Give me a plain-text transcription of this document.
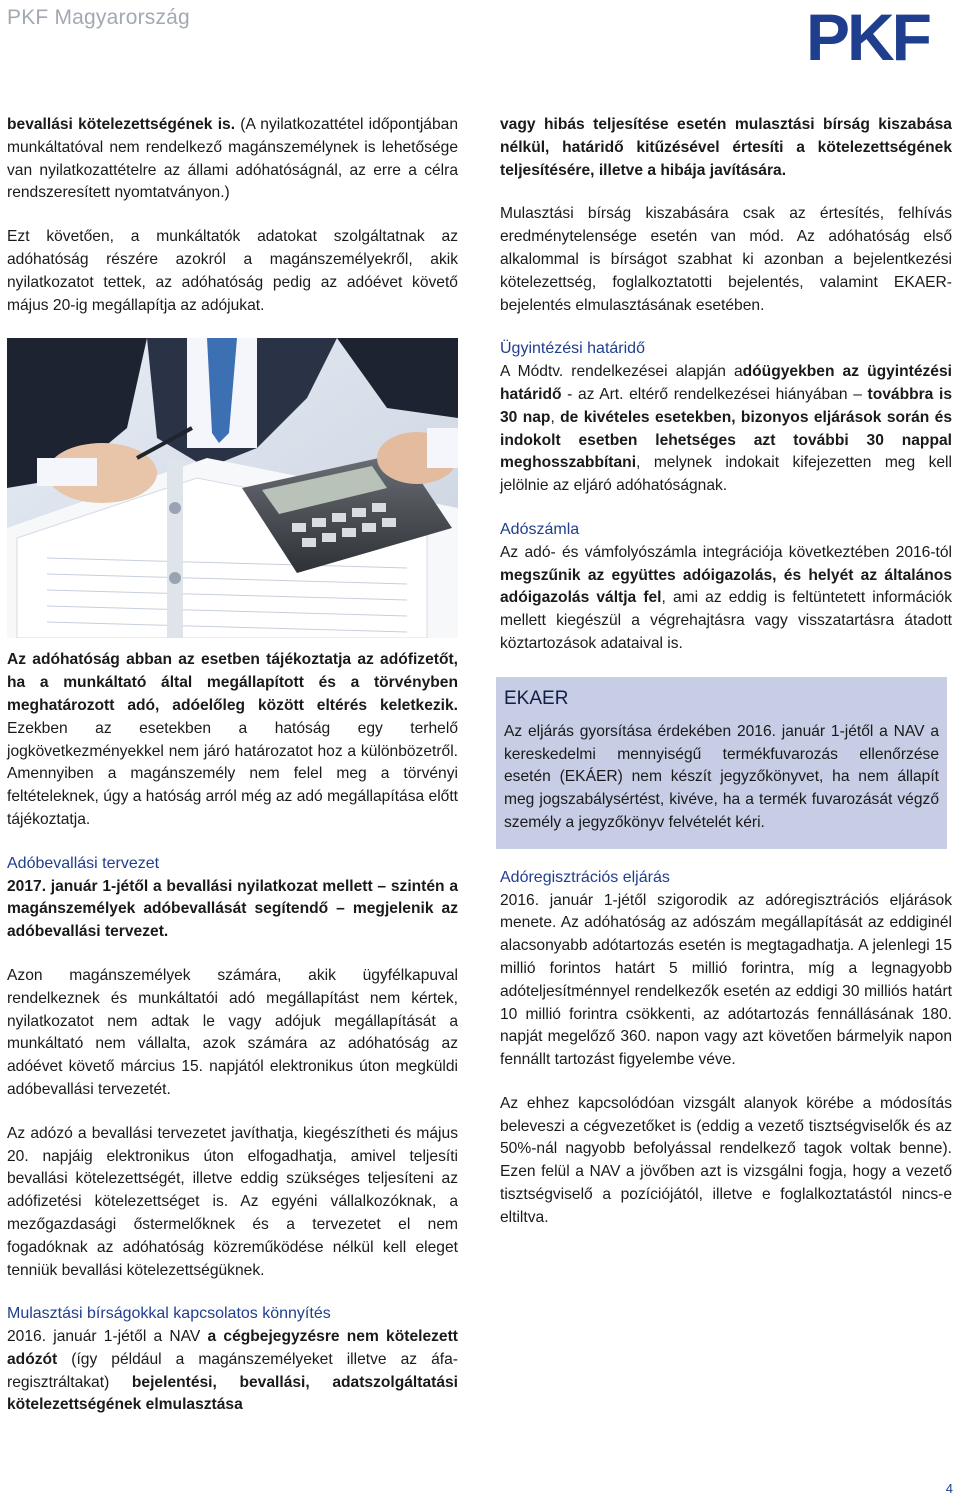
PKF Magyarország	PKF

bevallási kötelezettségének is. (A nyilatkozattétel időpontjában munkáltatóval nem rendelkező magánszemélynek is lehetősége van nyilatkozattételre az állami adóhatóságnál, az erre a célra rendszeresített nyomtatványon.)

Ezt követően, a munkáltatók adatokat szolgáltatnak az adóhatóság részére azokról a magánszemélyekről, akik nyilatkozatot tettek, az adóhatóság pedig az adóévet követő május 20-ig megállapítja az adójukat.

Az adóhatóság abban az esetben tájékoztatja az adófizetőt, ha a munkáltató által megállapított és a törvényben meghatározott adó, adóelőleg között eltérés keletkezik. Ezekben az esetekben a hatóság egy terhelő jogkövetkezményekkel nem járó határozatot hoz a különbözetről. Amennyiben a magánszemély nem felel meg a törvényi feltételeknek, úgy a hatóság arról még az adó megállapítása előtt tájékoztatja.

Adóbevallási tervezet

2017. január 1-jétől a bevallási nyilatkozat mellett – szintén a magánszemélyek adóbevallását segítendő – megjelenik az adóbevallási tervezet.

Azon magánszemélyek számára, akik ügyfélkapuval rendelkeznek és munkáltatói adó megállapítást nem kértek, nyilatkozatot nem adtak le vagy adójuk megállapítását a munkáltató nem vállalta, azok számára az adóhatóság az adóévet követő március 15. napjától elektronikus úton megküldi adóbevallási tervezetét.

Az adózó a bevallási tervezetet javíthatja, kiegészítheti és május 20. napjáig elektronikus úton elfogadhatja, amivel teljesíti bevallási kötelezettségét, illetve eddig szükséges teljesíteni az adófizetési kötelezettséget is. Az egyéni vállalkozóknak, a mezőgazdasági őstermelőknek és a tervezetet el nem fogadóknak az adóhatóság közreműködése nélkül kell eleget tenniük bevallási kötelezettségüknek.

Mulasztási bírságokkal kapcsolatos könnyítés

2016. január 1-jétől a NAV a cégbejegyzésre nem kötelezett adózót (így például a magánszemélyeket illetve az áfa-regisztráltakat) bejelentési, bevallási, adatszolgáltatási kötelezettségének elmulasztása

vagy hibás teljesítése esetén mulasztási bírság kiszabása nélkül, határidő kitűzésével értesíti a kötelezettségének teljesítésére, illetve a hibája javítására.

Mulasztási bírság kiszabására csak az értesítés, felhívás eredménytelensége esetén van mód. Az adóhatóság első alkalommal is bírságot szabhat ki azonban a bejelentkezési kötelezettség, foglalkoztatotti bejelentés, valamint EKAER-bejelentés elmulasztásának esetében.

Ügyintézési határidő

A Módtv. rendelkezései alapján adóügyekben az ügyintézési határidő - az Art. eltérő rendelkezései hiányában – továbbra is 30 nap, de kivételes esetekben, bizonyos eljárások során és indokolt esetben lehetséges azt további 30 nappal meghosszabbítani, melynek indokait kifejezetten meg kell jelölnie az eljáró adóhatóságnak.

Adószámla

Az adó- és vámfolyószámla integrációja következtében 2016-tól megszűnik az együttes adóigazolás, és helyét az általános adóigazolás váltja fel, ami az eddig is feltüntetett információk mellett kiegészül a végrehajtásra vagy visszatartásra átadott köztartozások adataival is.

EKAER

Az eljárás gyorsítása érdekében 2016. január 1-jétől a NAV a kereskedelmi mennyiségű termékfuvarozás ellenőrzése esetén (EKÁER) nem készít jegyzőkönyvet, ha nem állapít meg jogszabálysértést, kivéve, ha a termék fuvarozását végző személy a jegyzőkönyv felvételét kéri.

Adóregisztrációs eljárás

2016. január 1-jétől szigorodik az adóregisztrációs eljárások menete. Az adóhatóság az adószám megállapítását az eddiginél alacsonyabb adótartozás esetén is megtagadhatja. A jelenlegi 15 millió forintos határt 5 millió forintra, míg a legnagyobb adóteljesítménnyel rendelkezők esetén az eddigi 30 milliós határt 10 millió forintra csökkenti, az adótartozás fennállásának 180. napját megelőző 360. napon vagy azt követően bármelyik napon fennállt tartozást figyelembe véve.

Az ehhez kapcsolódóan vizsgált alanyok körébe a módosítás beleveszi a cégvezetőket is (eddig a vezető tisztségviselők és az 50%-nál nagyobb befolyással rendelkező tagok voltak benne). Ezen felül a NAV a jövőben azt is vizsgálni fogja, hogy a vezető tisztségviselő a pozíciójától, illetve e foglalkoztatástól nincs-e eltiltva.

4
